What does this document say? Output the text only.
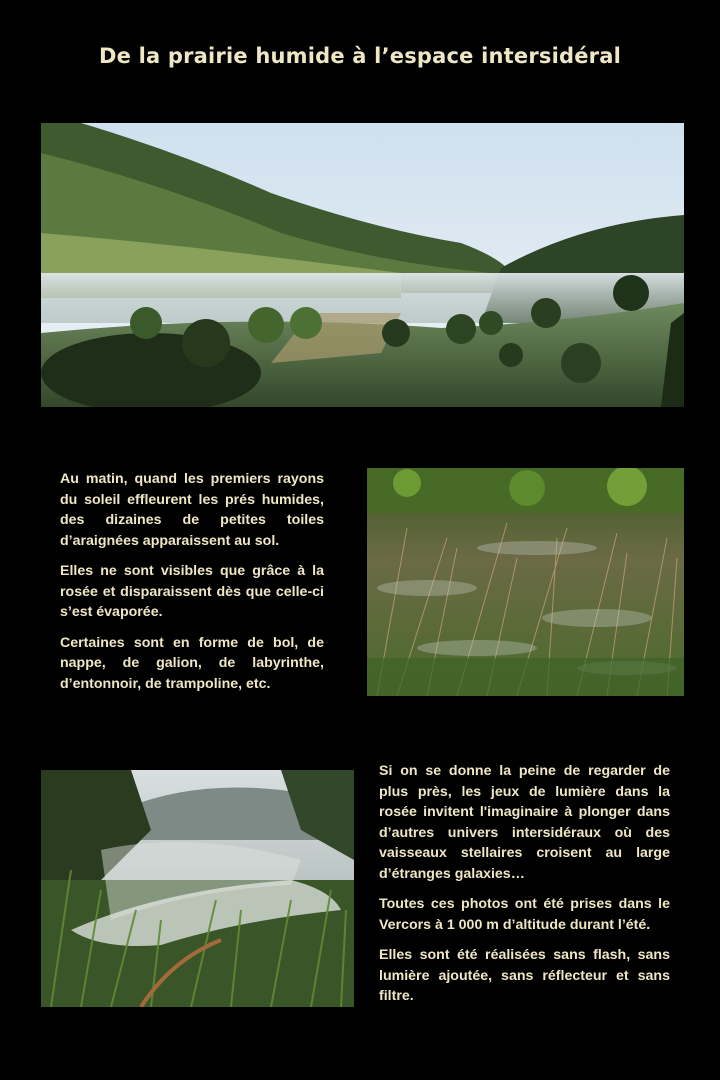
De la prairie humide à l’espace intersidéral

Au matin, quand les premiers rayons du soleil effleurent les prés humides, des dizaines de petites toiles d’araignées apparaissent au sol.

Elles ne sont visibles que grâce à la rosée et disparaissent dès que celle-ci s’est évaporée.

Certaines sont en forme de bol, de nappe, de galion, de labyrinthe, d’entonnoir, de trampoline, etc.

Si on se donne la peine de regarder de plus près, les jeux de lumière dans la rosée invitent l'imaginaire à plonger dans d’autres univers intersidéraux où des vaisseaux stellaires croisent au large d’étranges galaxies…

Toutes ces photos ont été prises dans le Vercors à 1 000 m d’altitude durant l’été.

Elles sont été réalisées sans flash, sans lumière ajoutée, sans réflecteur et sans filtre.
